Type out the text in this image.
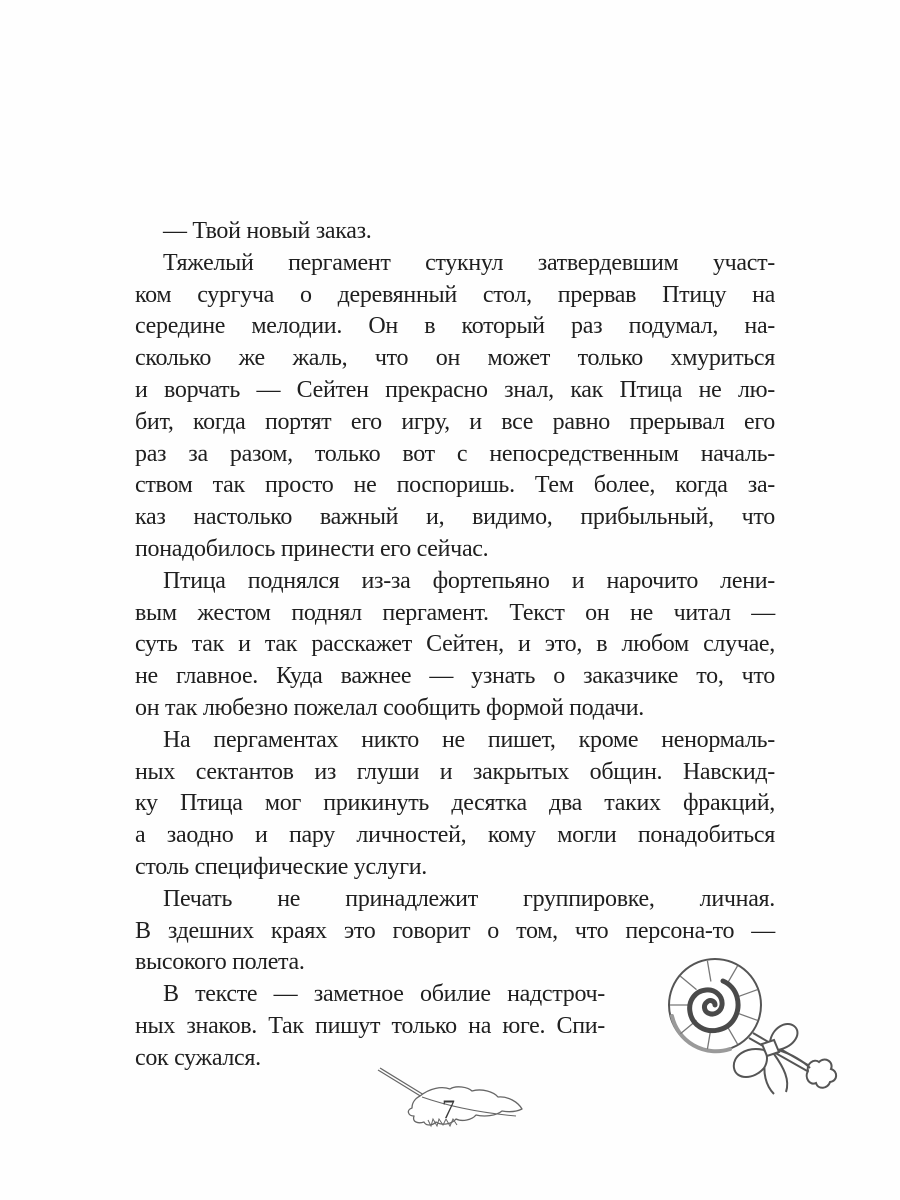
— Твой новый заказ.
Тяжелый пергамент стукнул затвердевшим участ-
ком сургуча о деревянный стол, прервав Птицу на
середине мелодии. Он в который раз подумал, на-
сколько же жаль, что он может только хмуриться
и ворчать — Сейтен прекрасно знал, как Птица не лю-
бит, когда портят его игру, и все равно прерывал его
раз за разом, только вот с непосредственным началь-
ством так просто не поспоришь. Тем более, когда за-
каз настолько важный и, видимо, прибыльный, что
понадобилось принести его сейчас.
Птица поднялся из-за фортепьяно и нарочито лени-
вым жестом поднял пергамент. Текст он не читал —
суть так и так расскажет Сейтен, и это, в любом случае,
не главное. Куда важнее — узнать о заказчике то, что
он так любезно пожелал сообщить формой подачи.
На пергаментах никто не пишет, кроме ненормаль-
ных сектантов из глуши и закрытых общин. Навскид-
ку Птица мог прикинуть десятка два таких фракций,
а заодно и пару личностей, кому могли понадобиться
столь специфические услуги.
Печать не принадлежит группировке, личная.
В здешних краях это говорит о том, что персона-то —
высокого полета.
В тексте — заметное обилие надстроч-
ных знаков. Так пишут только на юге. Спи-
сок сужался.
7
